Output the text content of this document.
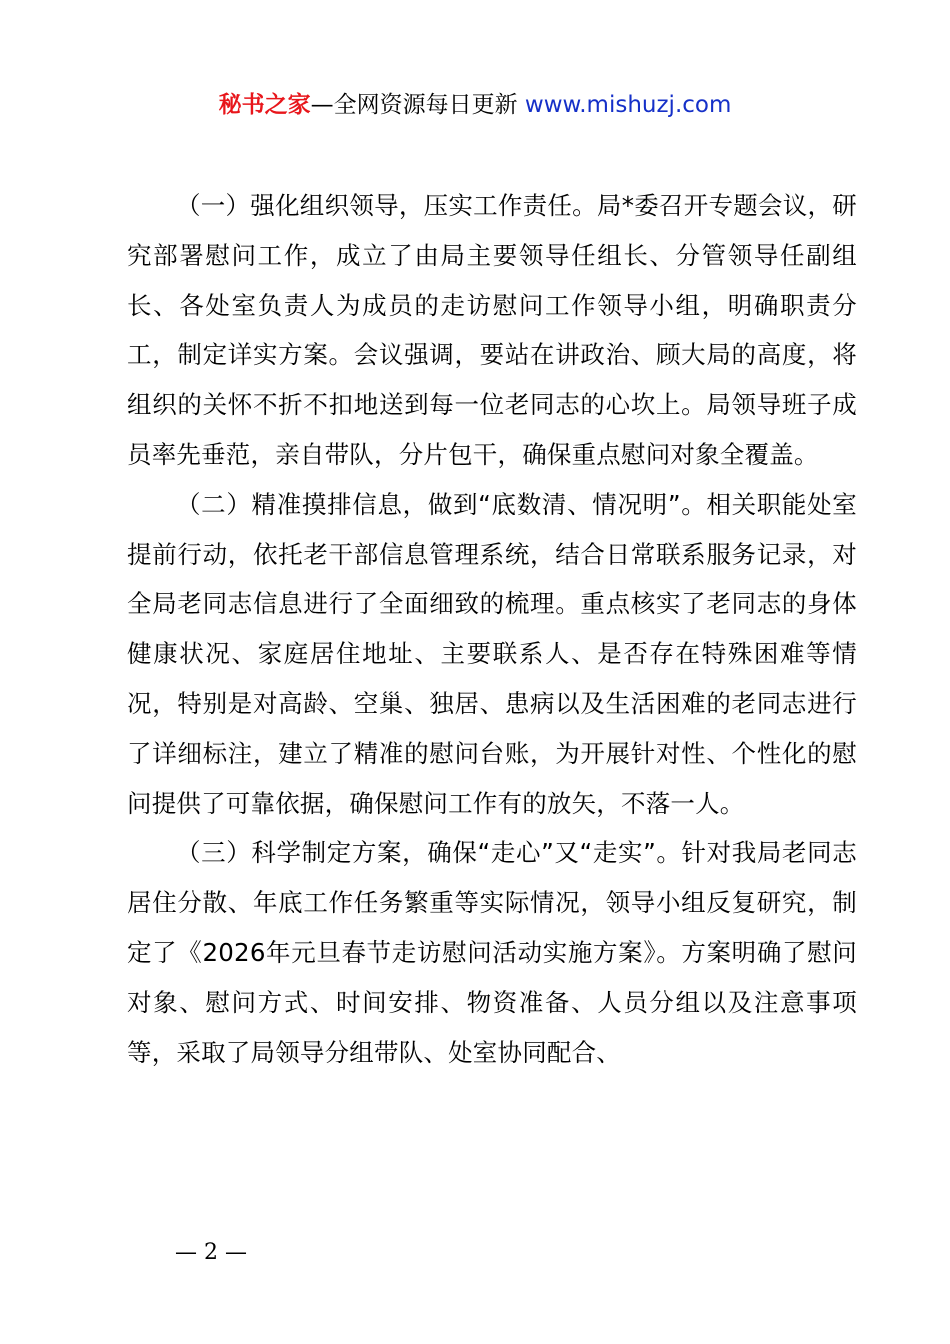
秘书之家—全网资源每日更新 www.mishuzj.com

（一）强化组织领导，压实工作责任。局*委召开专题会议，研究部署慰问工作，成立了由局主要领导任组长、分管领导任副组长、各处室负责人为成员的走访慰问工作领导小组，明确职责分工，制定详实方案。会议强调，要站在讲政治、顾大局的高度，将组织的关怀不折不扣地送到每一位老同志的心坎上。局领导班子成员率先垂范，亲自带队，分片包干，确保重点慰问对象全覆盖。

（二）精准摸排信息，做到“底数清、情况明”。相关职能处室提前行动，依托老干部信息管理系统，结合日常联系服务记录，对全局老同志信息进行了全面细致的梳理。重点核实了老同志的身体健康状况、家庭居住地址、主要联系人、是否存在特殊困难等情况，特别是对高龄、空巢、独居、患病以及生活困难的老同志进行了详细标注，建立了精准的慰问台账，为开展针对性、个性化的慰问提供了可靠依据，确保慰问工作有的放矢，不落一人。

（三）科学制定方案，确保“走心”又“走实”。针对我局老同志居住分散、年底工作任务繁重等实际情况，领导小组反复研究，制定了《2026年元旦春节走访慰问活动实施方案》。方案明确了慰问对象、慰问方式、时间安排、物资准备、人员分组以及注意事项等，采取了局领导分组带队、处室协同配合、

— 2 —
